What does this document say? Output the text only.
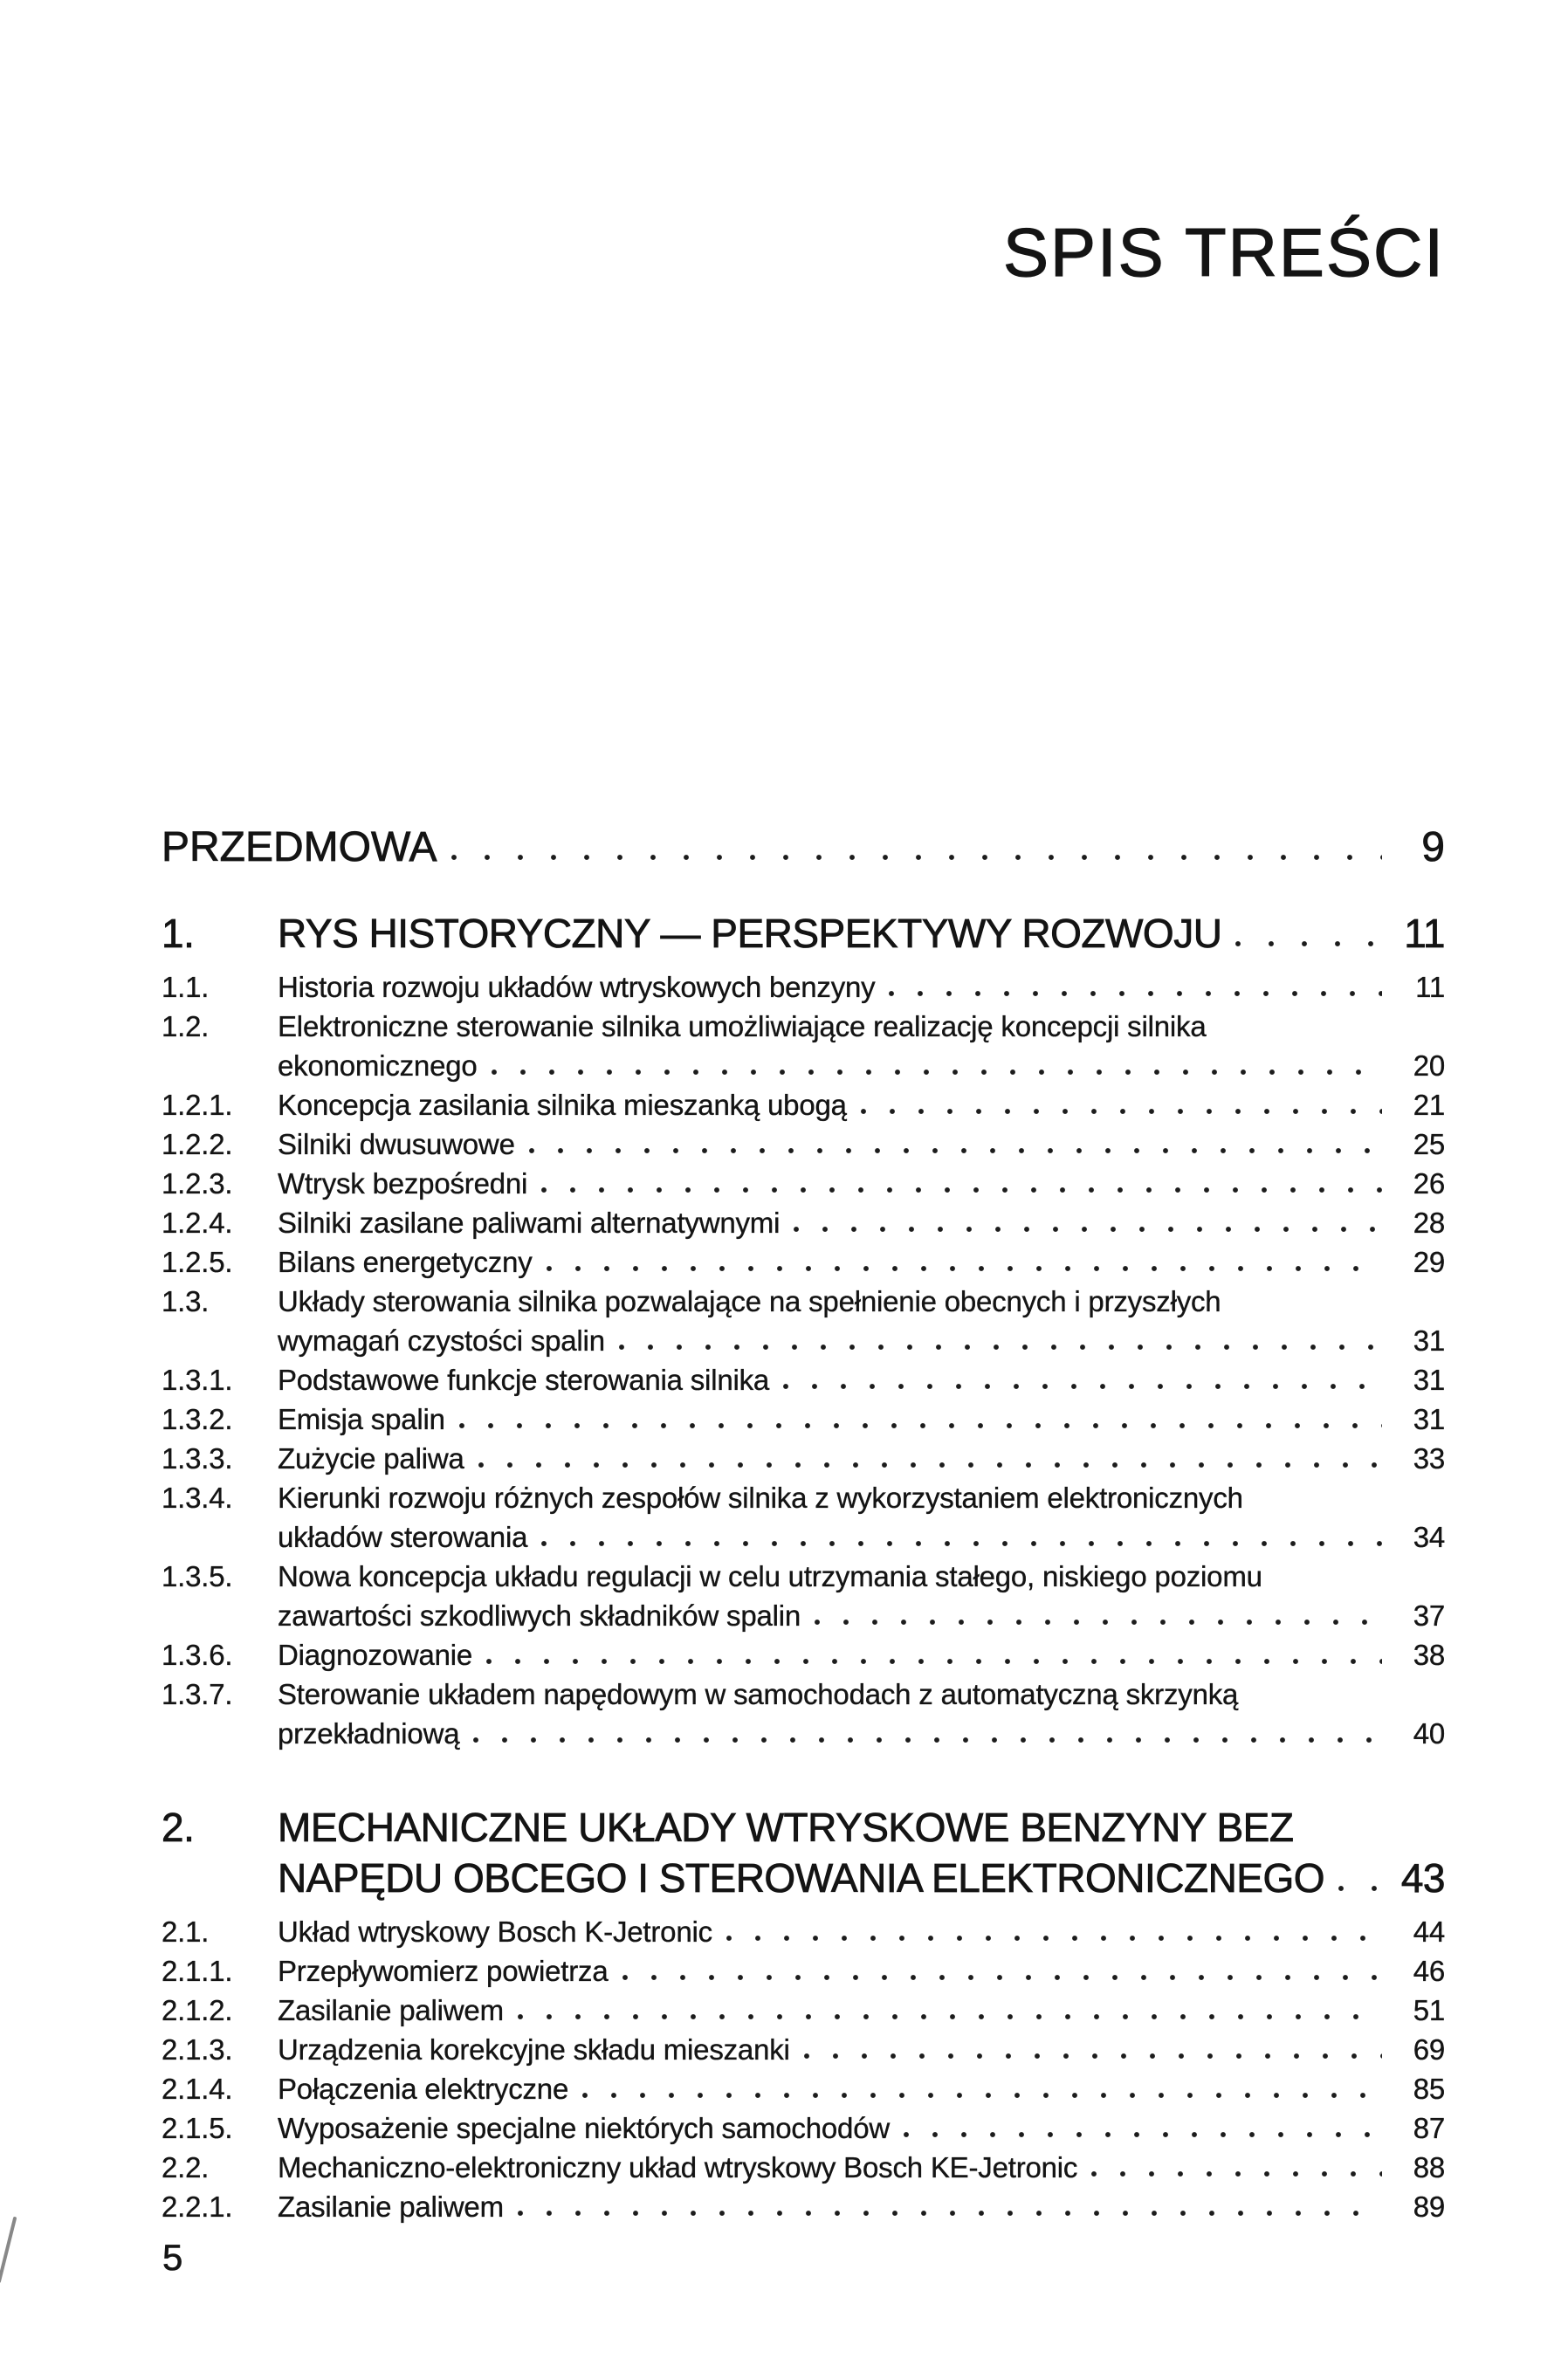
SPIS TREŚCI
PRZEDMOWA	9
1.	RYS HISTORYCZNY — PERSPEKTYWY ROZWOJU	11
1.1.	Historia rozwoju układów wtryskowych benzyny	11
1.2.	Elektroniczne sterowanie silnika umożliwiające realizację koncepcji silnika
ekonomicznego	20
1.2.1.	Koncepcja zasilania silnika mieszanką ubogą	21
1.2.2.	Silniki dwusuwowe	25
1.2.3.	Wtrysk bezpośredni	26
1.2.4.	Silniki zasilane paliwami alternatywnymi	28
1.2.5.	Bilans energetyczny	29
1.3.	Układy sterowania silnika pozwalające na spełnienie obecnych i przyszłych
wymagań czystości spalin	31
1.3.1.	Podstawowe funkcje sterowania silnika	31
1.3.2.	Emisja spalin	31
1.3.3.	Zużycie paliwa	33
1.3.4.	Kierunki rozwoju różnych zespołów silnika z wykorzystaniem elektronicznych
układów sterowania	34
1.3.5.	Nowa koncepcja układu regulacji w celu utrzymania stałego, niskiego poziomu
zawartości szkodliwych składników spalin	37
1.3.6.	Diagnozowanie	38
1.3.7.	Sterowanie układem napędowym w samochodach z automatyczną skrzynką
przekładniową	40
2.	MECHANICZNE UKŁADY WTRYSKOWE BENZYNY BEZ
NAPĘDU OBCEGO I STEROWANIA ELEKTRONICZNEGO 43
2.1.	Układ wtryskowy Bosch K-Jetronic	44
2.1.1.	Przepływomierz powietrza	46
2.1.2.	Zasilanie paliwem	51
2.1.3.	Urządzenia korekcyjne składu mieszanki	69
2.1.4.	Połączenia elektryczne	85
2.1.5.	Wyposażenie specjalne niektórych samochodów	87
2.2.	Mechaniczno-elektroniczny układ wtryskowy Bosch KE-Jetronic	88
2.2.1.	Zasilanie paliwem	89
5
